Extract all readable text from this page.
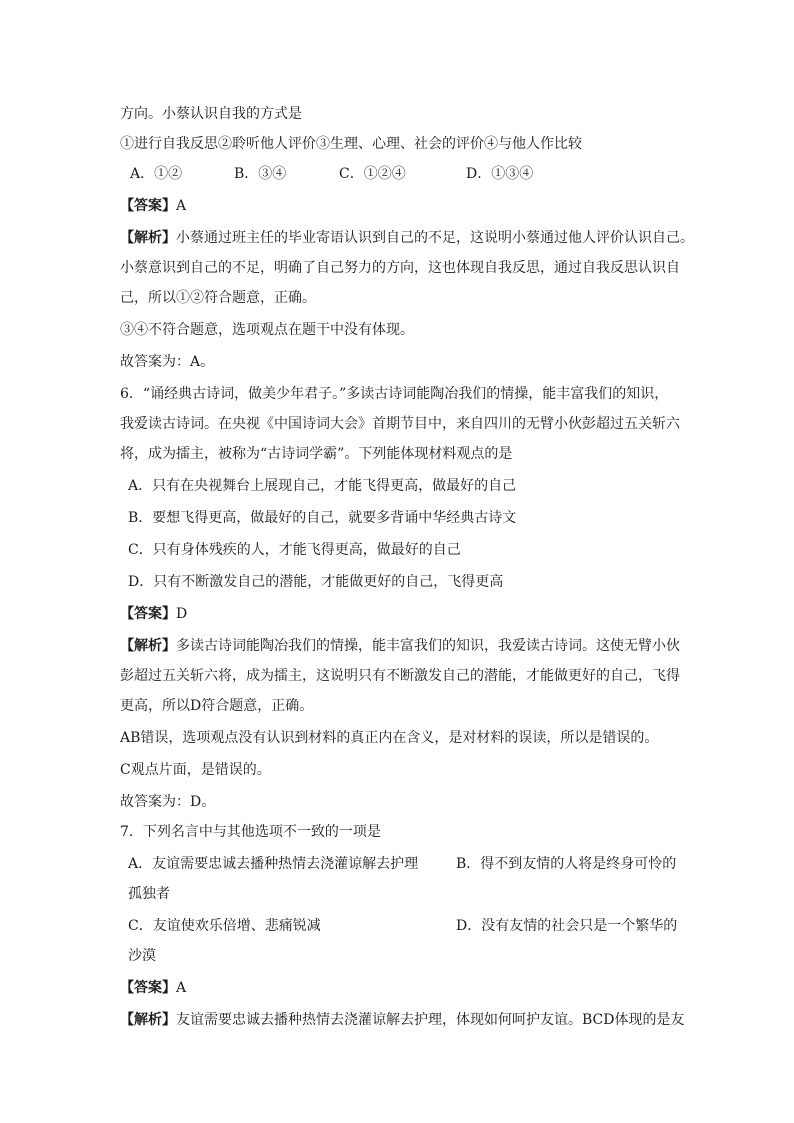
方向。小蔡认识自我的方式是
①进行自我反思②聆听他人评价③生理、心理、社会的评价④与他人作比较
A．①②	B．③④	C．①②④	D．①③④
【答案】A
【解析】小蔡通过班主任的毕业寄语认识到自己的不足，这说明小蔡通过他人评价认识自己。
小蔡意识到自己的不足，明确了自己努力的方向，这也体现自我反思，通过自我反思认识自
己，所以①②符合题意，正确。
③④不符合题意，选项观点在题干中没有体现。
故答案为：A。
6．“诵经典古诗词，做美少年君子。”多读古诗词能陶冶我们的情操，能丰富我们的知识，
我爱读古诗词。在央视《中国诗词大会》首期节目中，来自四川的无臂小伙彭超过五关斩六
将，成为擂主，被称为“古诗词学霸”。下列能体现材料观点的是
A．只有在央视舞台上展现自己，才能飞得更高，做最好的自己
B．要想飞得更高，做最好的自己，就要多背诵中华经典古诗文
C．只有身体残疾的人，才能飞得更高，做最好的自己
D．只有不断激发自己的潜能，才能做更好的自己，飞得更高
【答案】D
【解析】多读古诗词能陶冶我们的情操，能丰富我们的知识，我爱读古诗词。这使无臂小伙
彭超过五关斩六将，成为擂主，这说明只有不断激发自己的潜能，才能做更好的自己，飞得
更高，所以D符合题意，正确。
AB错误，选项观点没有认识到材料的真正内在含义，是对材料的误读，所以是错误的。
C观点片面，是错误的。
故答案为：D。
7．下列名言中与其他选项不一致的一项是
A．友谊需要忠诚去播种热情去浇灌谅解去护理	B．得不到友情的人将是终身可怜的
孤独者
C．友谊使欢乐倍增、悲痛锐减	D．没有友情的社会只是一个繁华的
沙漠
【答案】A
【解析】友谊需要忠诚去播种热情去浇灌谅解去护理，体现如何呵护友谊。BCD体现的是友
